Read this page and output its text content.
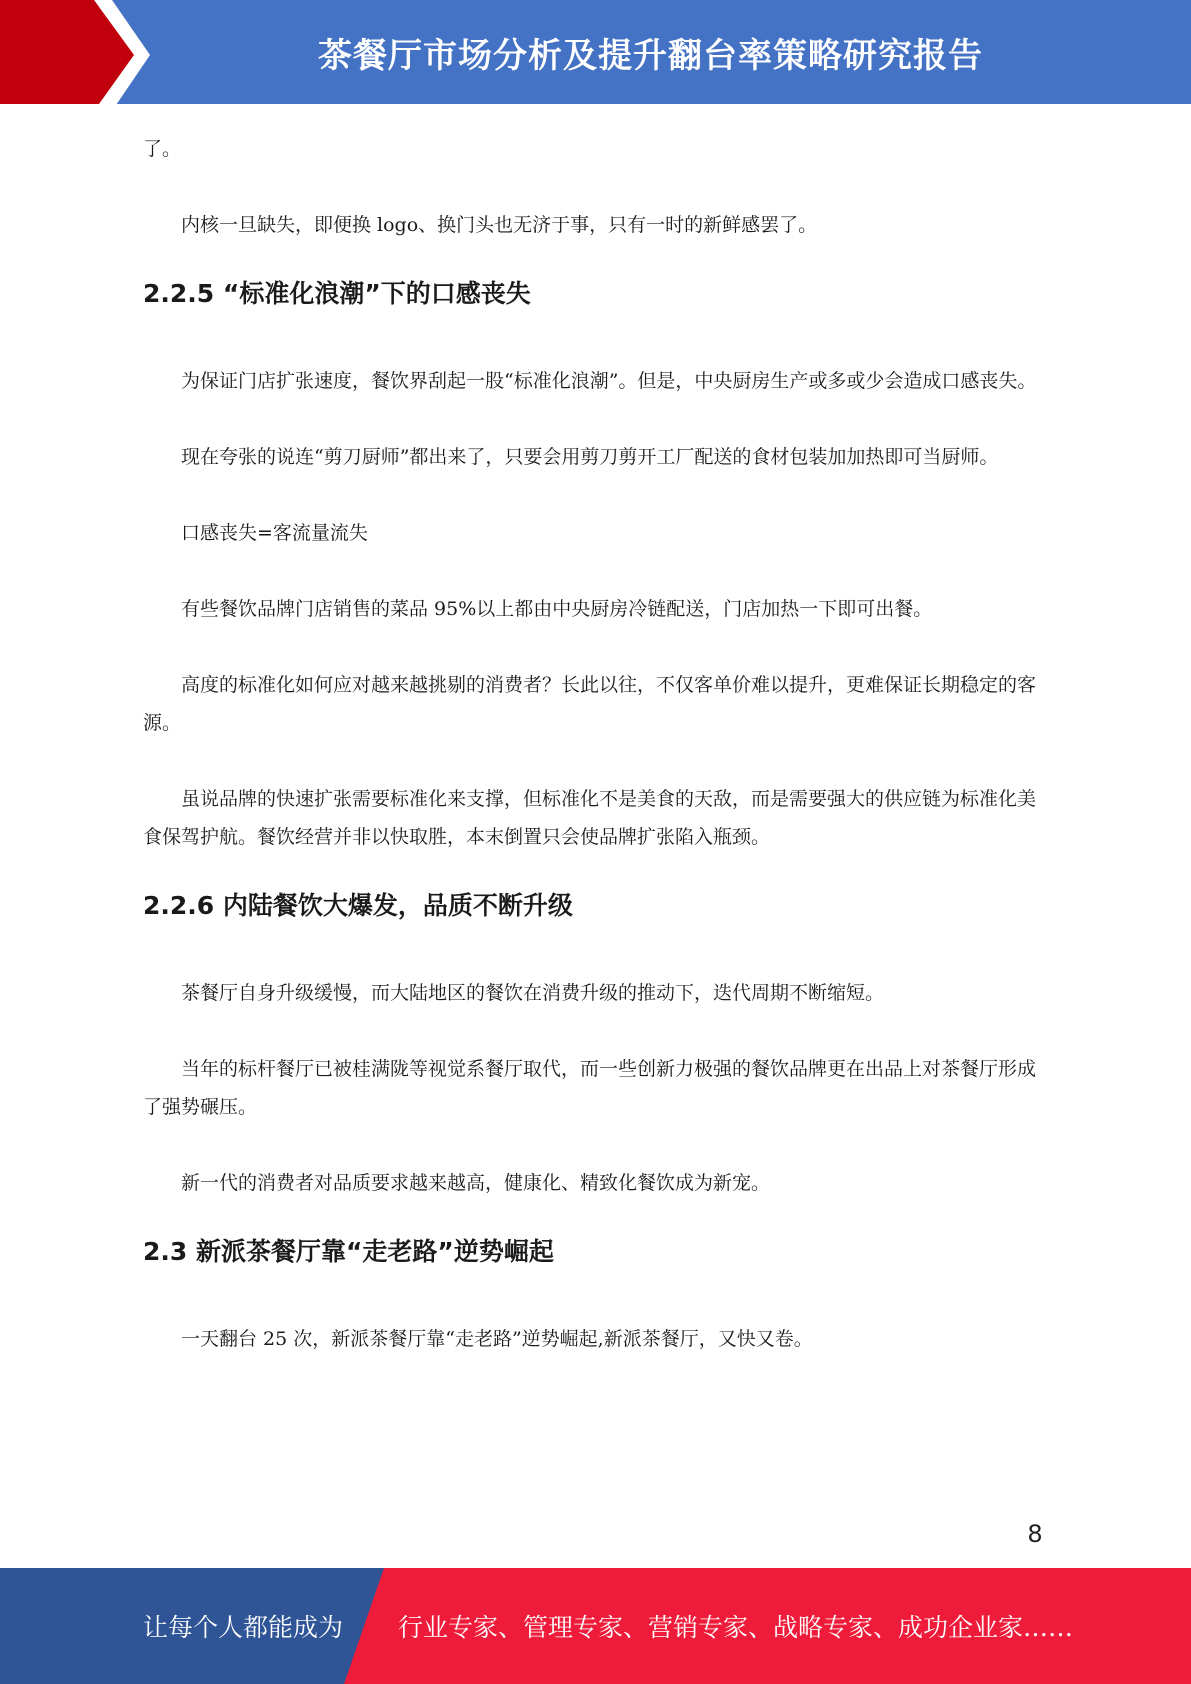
茶餐厅市场分析及提升翻台率策略研究报告

了。

内核一旦缺失，即便换 logo、换门头也无济于事，只有一时的新鲜感罢了。

2.2.5 “标准化浪潮”下的口感丧失

为保证门店扩张速度，餐饮界刮起一股“标准化浪潮”。但是，中央厨房生产或多或少会造成口感丧失。

现在夸张的说连“剪刀厨师”都出来了，只要会用剪刀剪开工厂配送的食材包装加加热即可当厨师。

口感丧失=客流量流失

有些餐饮品牌门店销售的菜品 95%以上都由中央厨房冷链配送，门店加热一下即可出餐。

高度的标准化如何应对越来越挑剔的消费者？长此以往，不仅客单价难以提升，更难保证长期稳定的客源。

虽说品牌的快速扩张需要标准化来支撑，但标准化不是美食的天敌，而是需要强大的供应链为标准化美食保驾护航。餐饮经营并非以快取胜，本末倒置只会使品牌扩张陷入瓶颈。

2.2.6 内陆餐饮大爆发，品质不断升级

茶餐厅自身升级缓慢，而大陆地区的餐饮在消费升级的推动下，迭代周期不断缩短。

当年的标杆餐厅已被桂满陇等视觉系餐厅取代，而一些创新力极强的餐饮品牌更在出品上对茶餐厅形成了强势碾压。

新一代的消费者对品质要求越来越高，健康化、精致化餐饮成为新宠。

2.3 新派茶餐厅靠“走老路”逆势崛起

一天翻台 25 次，新派茶餐厅靠“走老路”逆势崛起,新派茶餐厅，又快又卷。

8
让每个人都能成为 行业专家、管理专家、营销专家、战略专家、成功企业家……
